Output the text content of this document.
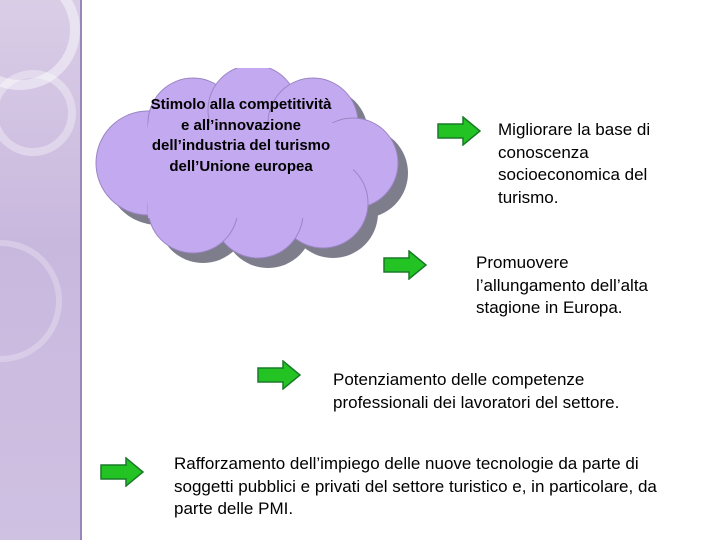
Stimolo alla competitività e all’innovazione dell’industria del turismo dell’Unione europea
Migliorare la base di conoscenza socioeconomica del turismo.
Promuovere l’allungamento dell’alta stagione in Europa.
Potenziamento delle competenze professionali dei lavoratori del settore.
Rafforzamento dell’impiego delle nuove tecnologie da parte di soggetti pubblici e privati del settore turistico e, in particolare, da parte delle PMI.
